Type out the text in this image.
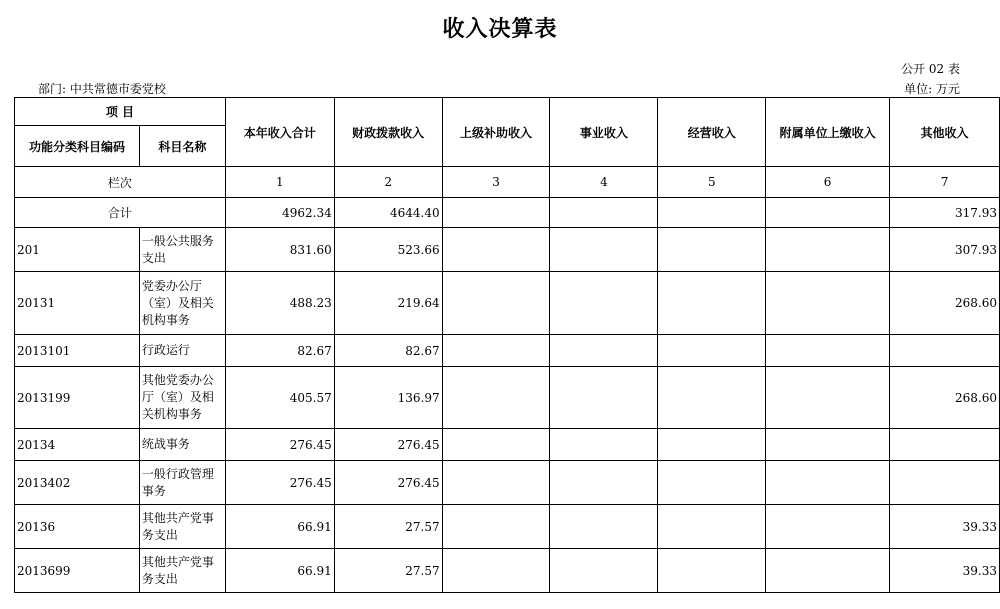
收入决算表
公开 02 表
部门: 中共常德市委党校	单位: 万元
项 目		本年收入合计	财政拨款收入	上级补助收入	事业收入	经营收入	附属单位上缴收入	其他收入
功能分类科目编码	科目名称							
栏次		1	2	3	4	5	6	7
合计		4962.34	4644.40					317.93
201	一般公共服务支出	831.60	523.66					307.93
20131	党委办公厅（室）及相关机构事务	488.23	219.64					268.60
2013101	行政运行	82.67	82.67					
2013199	其他党委办公厅（室）及相关机构事务	405.57	136.97					268.60
20134	统战事务	276.45	276.45					
2013402	一般行政管理事务	276.45	276.45					
20136	其他共产党事务支出	66.91	27.57					39.33
2013699	其他共产党事务支出	66.91	27.57					39.33
